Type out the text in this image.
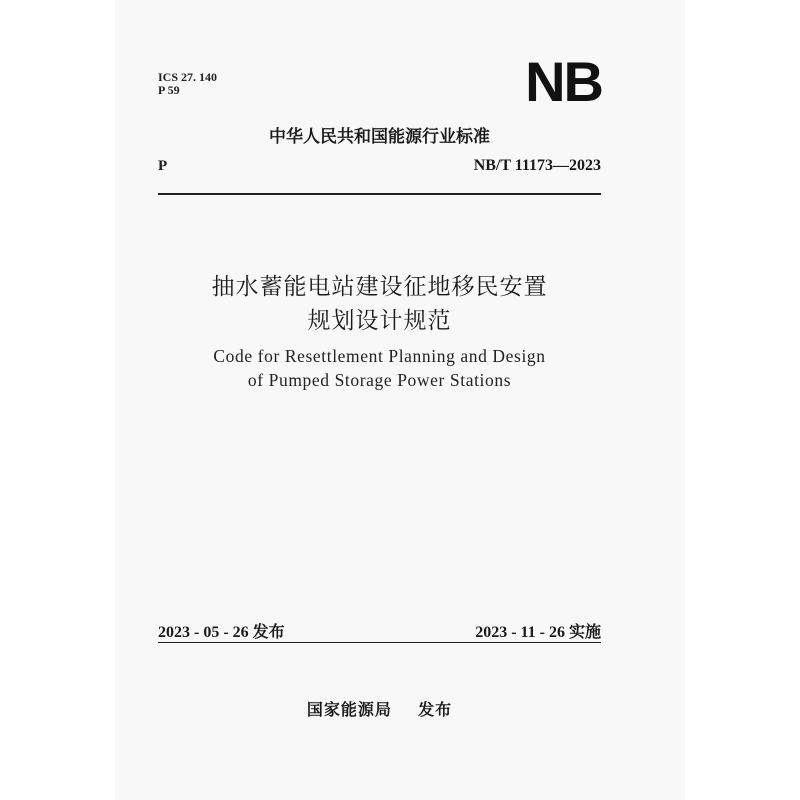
ICS 27. 140
P 59	NB
中华人民共和国能源行业标准
P	NB/T 11173—2023
抽水蓄能电站建设征地移民安置
规划设计规范
Code for Resettlement Planning and Design
of Pumped Storage Power Stations
2023 - 05 - 26 发布	2023 - 11 - 26 实施
国家能源局 发布
